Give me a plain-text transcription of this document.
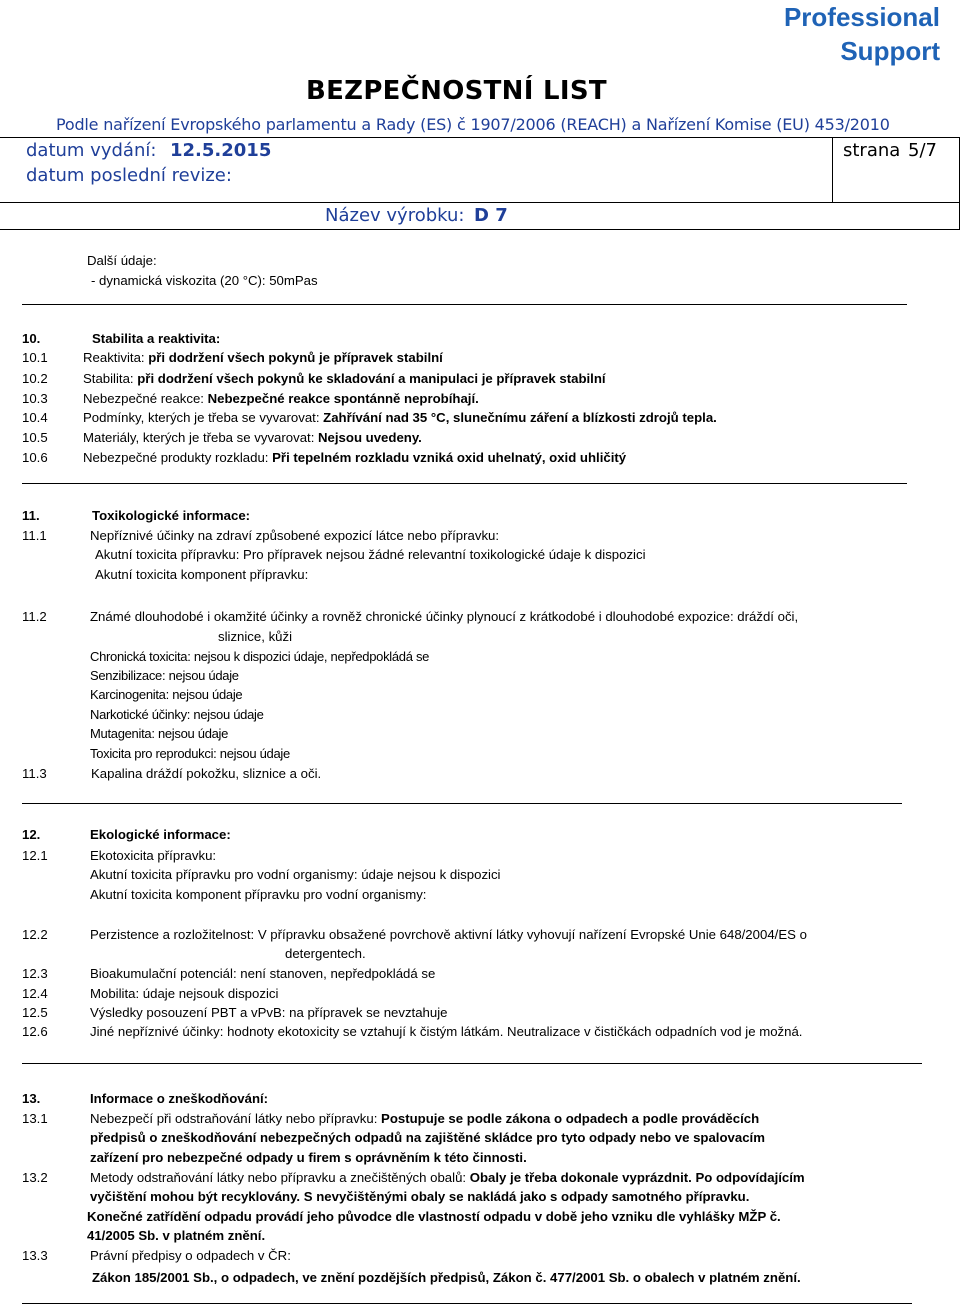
Professional
Support
BEZPEČNOSTNÍ LIST
Podle nařízení Evropského parlamentu a Rady (ES) č 1907/2006 (REACH) a Nařízení Komise (EU) 453/2010
datum vydání: 12.5.2015
datum poslední revize:
strana 5/7
Název výrobku: D 7
Další údaje:
- dynamická viskozita (20 °C): 50mPas
10.	Stabilita a reaktivita:
10.1	Reaktivita: při dodržení všech pokynů je přípravek stabilní
10.2	Stabilita: při dodržení všech pokynů ke skladování a manipulaci je přípravek stabilní
10.3	Nebezpečné reakce: Nebezpečné reakce spontánně neprobíhají.
10.4	Podmínky, kterých je třeba se vyvarovat: Zahřívání nad 35 °C, slunečnímu záření a blízkosti zdrojů tepla.
10.5	Materiály, kterých je třeba se vyvarovat: Nejsou uvedeny.
10.6	Nebezpečné produkty rozkladu: Při tepelném rozkladu vzniká oxid uhelnatý, oxid uhličitý
11.	Toxikologické informace:
11.1	Nepříznivé účinky na zdraví způsobené expozicí látce nebo přípravku:
Akutní toxicita přípravku: Pro přípravek nejsou žádné relevantní toxikologické údaje k dispozici
Akutní toxicita komponent přípravku:
11.2	Známé dlouhodobé i okamžité účinky a rovněž chronické účinky plynoucí z krátkodobé i dlouhodobé expozice: dráždí oči,
sliznice, kůži
Chronická toxicita: nejsou k dispozici údaje, nepředpokládá se
Senzibilizace: nejsou údaje
Karcinogenita: nejsou údaje
Narkotické účinky: nejsou údaje
Mutagenita: nejsou údaje
Toxicita pro reprodukci: nejsou údaje
11.3	Kapalina dráždí pokožku, sliznice a oči.
12.	Ekologické informace:
12.1	Ekotoxicita přípravku:
Akutní toxicita přípravku pro vodní organismy: údaje nejsou k dispozici
Akutní toxicita komponent přípravku pro vodní organismy:
12.2	Perzistence a rozložitelnost: V přípravku obsažené povrchově aktivní látky vyhovují nařízení Evropské Unie 648/2004/ES o
detergentech.
12.3	Bioakumulační potenciál: není stanoven, nepředpokládá se
12.4	Mobilita: údaje nejsouk dispozici
12.5	Výsledky posouzení PBT a vPvB: na přípravek se nevztahuje
12.6	Jiné nepříznivé účinky: hodnoty ekotoxicity se vztahují k čistým látkám. Neutralizace v čističkách odpadních vod je možná.
13.	Informace o zneškodňování:
13.1	Nebezpečí při odstraňování látky nebo přípravku: Postupuje se podle zákona o odpadech a podle prováděcích
předpisů o zneškodňování nebezpečných odpadů na zajištěné skládce pro tyto odpady nebo ve spalovacím
zařízení pro nebezpečné odpady u firem s oprávněním k této činnosti.
13.2	Metody odstraňování látky nebo přípravku a znečištěných obalů: Obaly je třeba dokonale vyprázdnit. Po odpovídajícím
vyčištění mohou být recyklovány. S nevyčištěnými obaly se nakládá jako s odpady samotného přípravku.
Konečné zatřídění odpadu provádí jeho původce dle vlastností odpadu v době jeho vzniku dle vyhlášky MŽP č.
41/2005 Sb. v platném znění.
13.3	Právní předpisy o odpadech v ČR:
Zákon 185/2001 Sb., o odpadech, ve znění pozdějších předpisů, Zákon č. 477/2001 Sb. o obalech v platném znění.
